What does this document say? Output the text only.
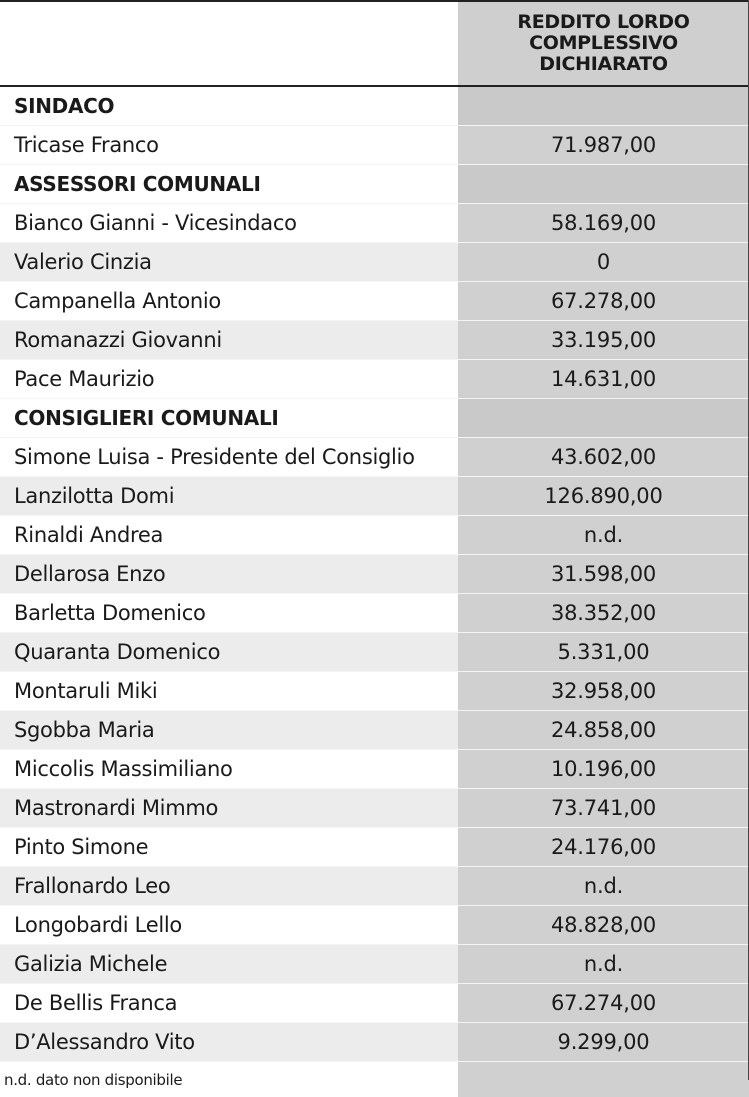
	REDDITO LORDO
COMPLESSIVO
DICHIARATO
SINDACO	
Tricase Franco	71.987,00
ASSESSORI COMUNALI	
Bianco Gianni - Vicesindaco	58.169,00
Valerio Cinzia	0
Campanella Antonio	67.278,00
Romanazzi Giovanni	33.195,00
Pace Maurizio	14.631,00
CONSIGLIERI COMUNALI	
Simone Luisa - Presidente del Consiglio	43.602,00
Lanzilotta Domi	126.890,00
Rinaldi Andrea	n.d.
Dellarosa Enzo	31.598,00
Barletta Domenico	38.352,00
Quaranta Domenico	5.331,00
Montaruli Miki	32.958,00
Sgobba Maria	24.858,00
Miccolis Massimiliano	10.196,00
Mastronardi Mimmo	73.741,00
Pinto Simone	24.176,00
Frallonardo Leo	n.d.
Longobardi Lello	48.828,00
Galizia Michele	n.d.
De Bellis Franca	67.274,00
D’Alessandro Vito	9.299,00
n.d. dato non disponibile	
